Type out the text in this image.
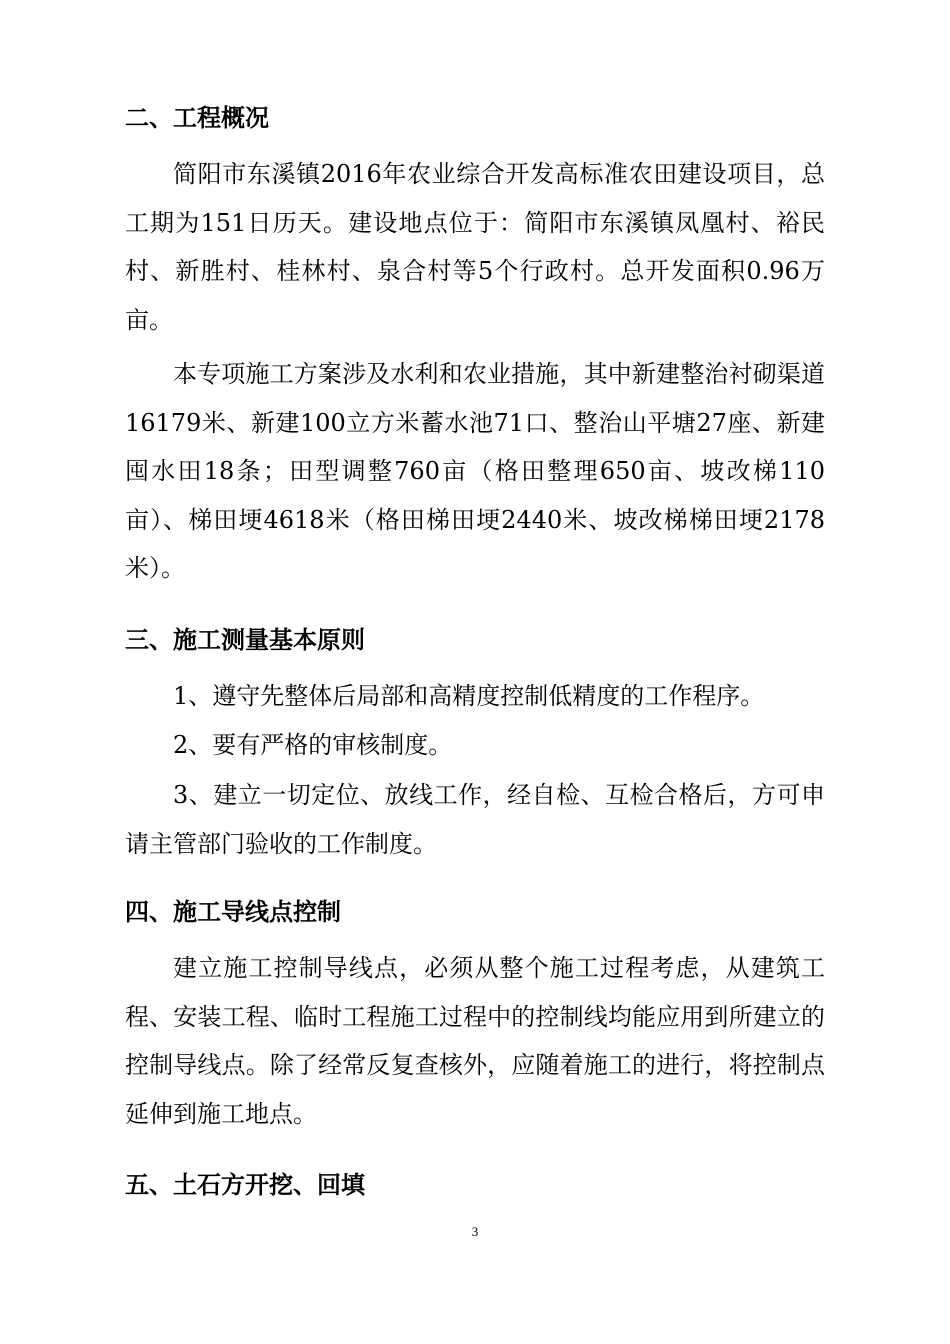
二、工程概况

简阳市东溪镇2016年农业综合开发高标准农田建设项目，总工期为151日历天。建设地点位于：简阳市东溪镇凤凰村、裕民村、新胜村、桂林村、泉合村等5个行政村。总开发面积0.96万亩。

本专项施工方案涉及水利和农业措施，其中新建整治衬砌渠道16179米、新建100立方米蓄水池71口、整治山平塘27座、新建囤水田18条；田型调整760亩（格田整理650亩、坡改梯110亩）、梯田埂4618米（格田梯田埂2440米、坡改梯梯田埂2178米）。

三、施工测量基本原则

1、遵守先整体后局部和高精度控制低精度的工作程序。

2、要有严格的审核制度。

3、建立一切定位、放线工作，经自检、互检合格后，方可申请主管部门验收的工作制度。

四、施工导线点控制

建立施工控制导线点，必须从整个施工过程考虑，从建筑工程、安装工程、临时工程施工过程中的控制线均能应用到所建立的控制导线点。除了经常反复查核外，应随着施工的进行，将控制点延伸到施工地点。

五、土石方开挖、回填
3
